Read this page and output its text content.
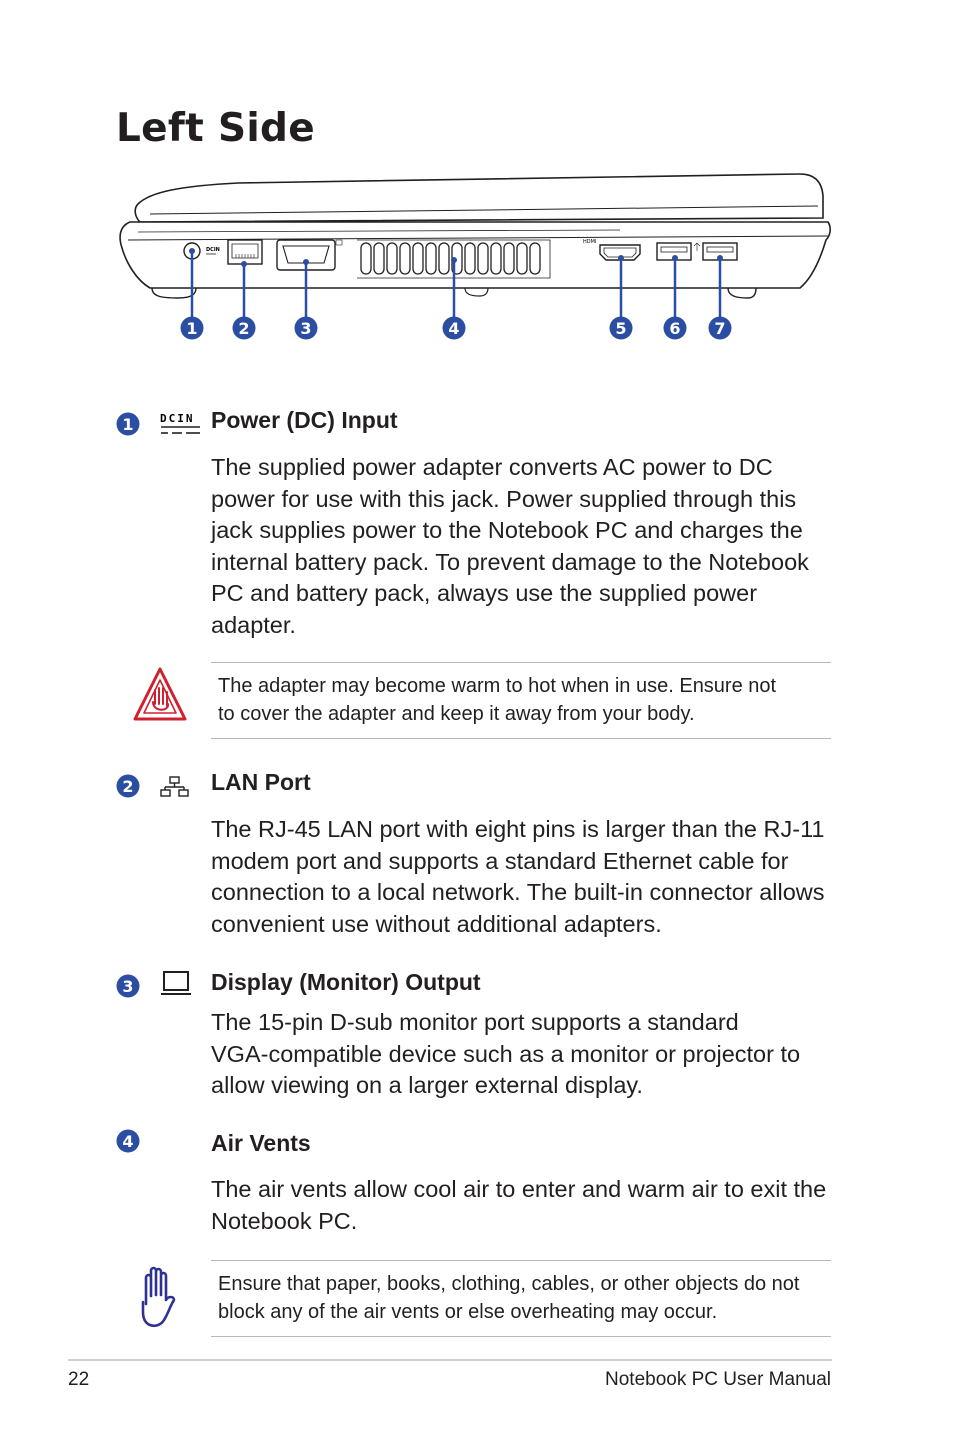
Left Side
DCIN
HDMI
1	2	3	4	5	6 7
1 DCIN Power (DC) Input
The supplied power adapter converts AC power to DC
power for use with this jack. Power supplied through this
jack supplies power to the Notebook PC and charges the
internal battery pack. To prevent damage to the Notebook
PC and battery pack, always use the supplied power
adapter.

The adapter may become warm to hot when in use. Ensure not
to cover the adapter and keep it away from your body.

2	LAN Port
The RJ-45 LAN port with eight pins is larger than the RJ-11
modem port and supports a standard Ethernet cable for
connection to a local network. The built-in connector allows
convenient use without additional adapters.
3	Display (Monitor) Output
The 15-pin D-sub monitor port supports a standard
VGA-compatible device such as a monitor or projector to
allow viewing on a larger external display.
4	Air Vents
The air vents allow cool air to enter and warm air to exit the
Notebook PC.

Ensure that paper, books, clothing, cables, or other objects do not
block any of the air vents or else overheating may occur.

22	Notebook PC User Manual
